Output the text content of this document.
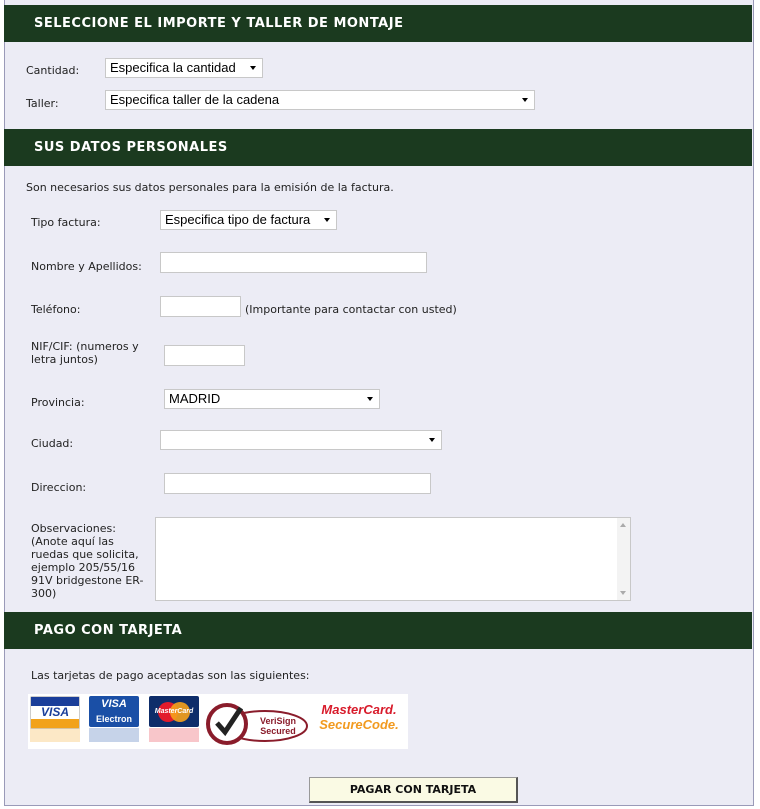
SELECCIONE EL IMPORTE Y TALLER DE MONTAJE
Cantidad:	Especifica la cantidad
Taller:	Especifica taller de la cadena
SUS DATOS PERSONALES
Son necesarios sus datos personales para la emisión de la factura.
Tipo factura:	Especifica tipo de factura
Nombre y Apellidos:
Teléfono:	(Importante para contactar con usted)
NIF/CIF: (numeros y
letra juntos)
Provincia:	MADRID
Ciudad:
Direccion:
Observaciones:
(Anote aquí las
ruedas que solicita,
ejemplo 205/55/16
91V bridgestone ER-
300)
PAGO CON TARJETA
Las tarjetas de pago aceptadas son las siguientes:
VISA
VISA
Electron
MasterCard
VeriSign
Secured
MasterCard.
SecureCode.
PAGAR CON TARJETA
